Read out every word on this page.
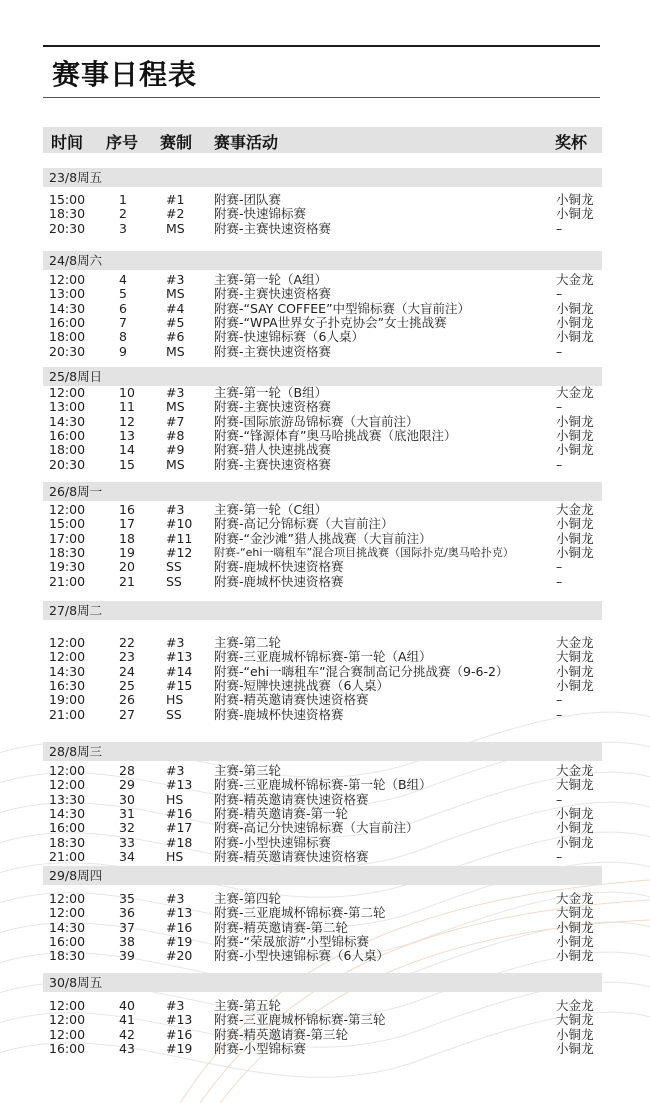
赛事日程表
时间 序号 赛制 赛事活动	奖杯
23/8周五
15:00	1	#1 附赛-团队赛	小铜龙
18:30	2	#2 附赛-快速锦标赛	小铜龙
20:30	3	MS 附赛-主赛快速资格赛	–
24/8周六
12:00	4	#3 主赛-第一轮（A组）	大金龙
13:00	5	MS 附赛-主赛快速资格赛	–
14:30	6	#4 附赛-“SAY COFFEE”中型锦标赛（大盲前注）	小铜龙
16:00	7	#5 附赛-“WPA世界女子扑克协会”女士挑战赛	小铜龙
18:00	8	#6 附赛-快速锦标赛（6人桌）	小铜龙
20:30	9	MS 附赛-主赛快速资格赛	–
25/8周日
12:00	10 #3 主赛-第一轮（B组）	大金龙
13:00	11 MS 附赛-主赛快速资格赛	–
14:30	12 #7 附赛-国际旅游岛锦标赛（大盲前注）	小铜龙
16:00	13 #8 附赛-“锋源体育”奥马哈挑战赛（底池限注）	小铜龙
18:00	14 #9 附赛-猎人快速挑战赛	小铜龙
20:30	15 MS 附赛-主赛快速资格赛	–
26/8周一
12:00	16 #3 主赛-第一轮（C组）	大金龙
15:00	17 #10 附赛-高记分锦标赛（大盲前注）	小铜龙
17:00	18 #11 附赛-“金沙滩”猎人挑战赛（大盲前注）	小铜龙
18:30	19 #12 附赛-“ehi一嗨租车”混合项目挑战赛（国际扑克/奥马哈扑克）	小铜龙
19:30	20 SS	附赛-鹿城杯快速资格赛	–
21:00	21 SS	附赛-鹿城杯快速资格赛	–
27/8周二
12:00	22 #3 主赛-第二轮	大金龙
12:00	23 #13 附赛-三亚鹿城杯锦标赛-第一轮（A组）	大铜龙
14:30	24 #14 附赛-“ehi一嗨租车”混合赛制高记分挑战赛（9-6-2）	小铜龙
16:30	25 #15 附赛-短牌快速挑战赛（6人桌）	小铜龙
19:00	26 HS 附赛-精英邀请赛快速资格赛	–
21:00	27 SS	附赛-鹿城杯快速资格赛	–
28/8周三
12:00	28 #3 主赛-第三轮	大金龙
12:00	29 #13 附赛-三亚鹿城杯锦标赛-第一轮（B组）	大铜龙
13:30	30 HS 附赛-精英邀请赛快速资格赛	–
14:30	31 #16 附赛-精英邀请赛-第一轮	小铜龙
16:00	32 #17 附赛-高记分快速锦标赛（大盲前注）	小铜龙
18:30	33 #18 附赛-小型快速锦标赛	小铜龙
21:00	34 HS 附赛-精英邀请赛快速资格赛	–
29/8周四
12:00	35 #3 主赛-第四轮	大金龙
12:00	36 #13 附赛-三亚鹿城杯锦标赛-第二轮	大铜龙
14:30	37 #16 附赛-精英邀请赛-第二轮	小铜龙
16:00	38 #19 附赛-“荣晟旅游”小型锦标赛	小铜龙
18:30	39 #20 附赛-小型快速锦标赛（6人桌）	小铜龙
30/8周五
12:00	40 #3 主赛-第五轮	大金龙
12:00	41 #13 附赛-三亚鹿城杯锦标赛-第三轮	大铜龙
12:00	42 #16 附赛-精英邀请赛-第三轮	小铜龙
16:00	43 #19 附赛-小型锦标赛	小铜龙
